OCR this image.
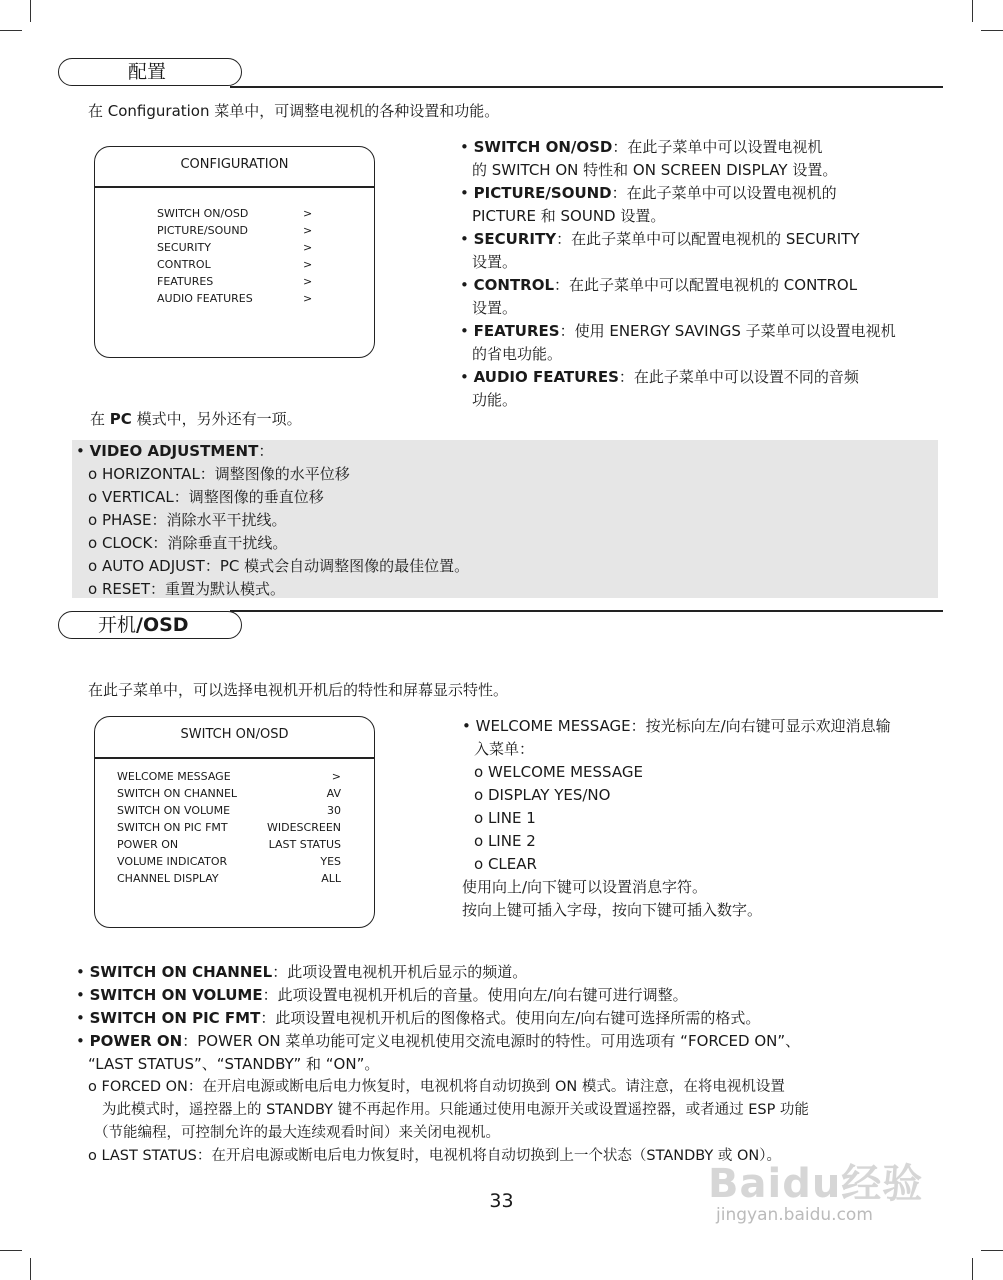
配置
在 Configuration 菜单中，可调整电视机的各种设置和功能。
CONFIGURATION
SWITCH ON/OSD	>
PICTURE/SOUND	>
SECURITY	>
CONTROL	>
FEATURES	>
AUDIO FEATURES	>
• SWITCH ON/OSD：在此子菜单中可以设置电视机
的 SWITCH ON 特性和 ON SCREEN DISPLAY 设置。
• PICTURE/SOUND：在此子菜单中可以设置电视机的
PICTURE 和 SOUND 设置。
• SECURITY：在此子菜单中可以配置电视机的 SECURITY
设置。
• CONTROL：在此子菜单中可以配置电视机的 CONTROL
设置。
• FEATURES：使用 ENERGY SAVINGS 子菜单可以设置电视机
的省电功能。
• AUDIO FEATURES：在此子菜单中可以设置不同的音频
功能。
在 PC 模式中，另外还有一项。
• VIDEO ADJUSTMENT：
o HORIZONTAL：调整图像的水平位移
o VERTICAL：调整图像的垂直位移
o PHASE：消除水平干扰线。
o CLOCK：消除垂直干扰线。
o AUTO ADJUST：PC 模式会自动调整图像的最佳位置。
o RESET：重置为默认模式。
开机/OSD
在此子菜单中，可以选择电视机开机后的特性和屏幕显示特性。
SWITCH ON/OSD
WELCOME MESSAGE	>
SWITCH ON CHANNEL	AV
SWITCH ON VOLUME	30
SWITCH ON PIC FMT	WIDESCREEN
POWER ON	LAST STATUS
VOLUME INDICATOR	YES
CHANNEL DISPLAY	ALL
• WELCOME MESSAGE：按光标向左/向右键可显示欢迎消息输
入菜单：
o WELCOME MESSAGE
o DISPLAY YES/NO
o LINE 1
o LINE 2
o CLEAR
使用向上/向下键可以设置消息字符。
按向上键可插入字母，按向下键可插入数字。
• SWITCH ON CHANNEL：此项设置电视机开机后显示的频道。
• SWITCH ON VOLUME：此项设置电视机开机后的音量。使用向左/向右键可进行调整。
• SWITCH ON PIC FMT：此项设置电视机开机后的图像格式。使用向左/向右键可选择所需的格式。
• POWER ON：POWER ON 菜单功能可定义电视机使用交流电源时的特性。可用选项有 “FORCED ON”、
“LAST STATUS”、“STANDBY” 和 “ON”。
o FORCED ON：在开启电源或断电后电力恢复时，电视机将自动切换到 ON 模式。请注意，在将电视机设置
为此模式时，遥控器上的 STANDBY 键不再起作用。只能通过使用电源开关或设置遥控器，或者通过 ESP 功能
（节能编程，可控制允许的最大连续观看时间）来关闭电视机。
o LAST STATUS：在开启电源或断电后电力恢复时，电视机将自动切换到上一个状态（STANDBY 或 ON）。
33	Baidu经验
jingyan.baidu.com
